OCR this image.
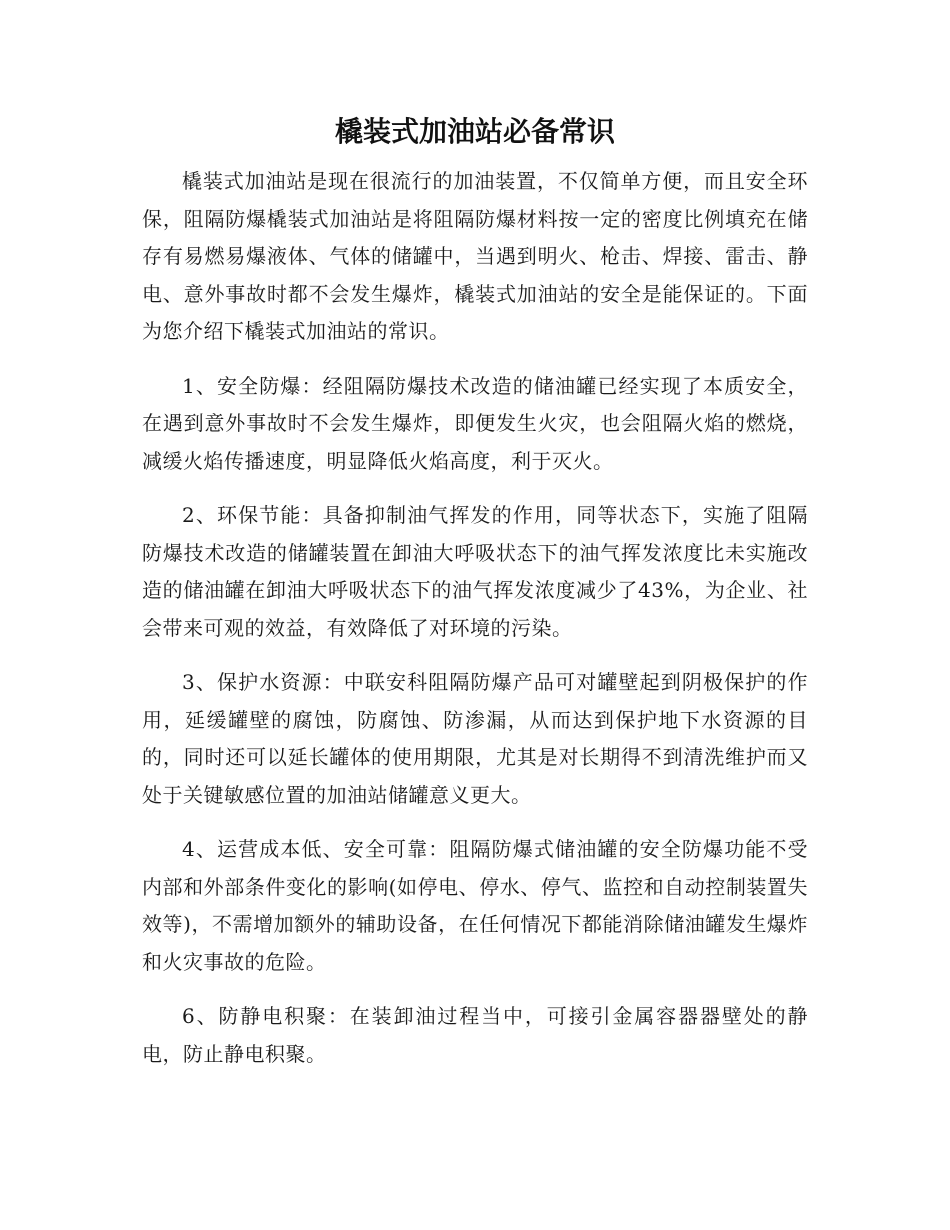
橇装式加油站必备常识

橇装式加油站是现在很流行的加油装置，不仅简单方便，而且安全环保，阻隔防爆橇装式加油站是将阻隔防爆材料按一定的密度比例填充在储存有易燃易爆液体、气体的储罐中，当遇到明火、枪击、焊接、雷击、静电、意外事故时都不会发生爆炸，橇装式加油站的安全是能保证的。下面为您介绍下橇装式加油站的常识。

1、安全防爆：经阻隔防爆技术改造的储油罐已经实现了本质安全，在遇到意外事故时不会发生爆炸，即便发生火灾，也会阻隔火焰的燃烧，减缓火焰传播速度，明显降低火焰高度，利于灭火。

2、环保节能：具备抑制油气挥发的作用，同等状态下，实施了阻隔防爆技术改造的储罐装置在卸油大呼吸状态下的油气挥发浓度比未实施改造的储油罐在卸油大呼吸状态下的油气挥发浓度减少了43%，为企业、社会带来可观的效益，有效降低了对环境的污染。

3、保护水资源：中联安科阻隔防爆产品可对罐壁起到阴极保护的作用，延缓罐壁的腐蚀，防腐蚀、防渗漏，从而达到保护地下水资源的目的，同时还可以延长罐体的使用期限，尤其是对长期得不到清洗维护而又处于关键敏感位置的加油站储罐意义更大。

4、运营成本低、安全可靠：阻隔防爆式储油罐的安全防爆功能不受内部和外部条件变化的影响(如停电、停水、停气、监控和自动控制装置失效等)，不需增加额外的辅助设备，在任何情况下都能消除储油罐发生爆炸和火灾事故的危险。

6、防静电积聚：在装卸油过程当中，可接引金属容器器壁处的静电，防止静电积聚。
